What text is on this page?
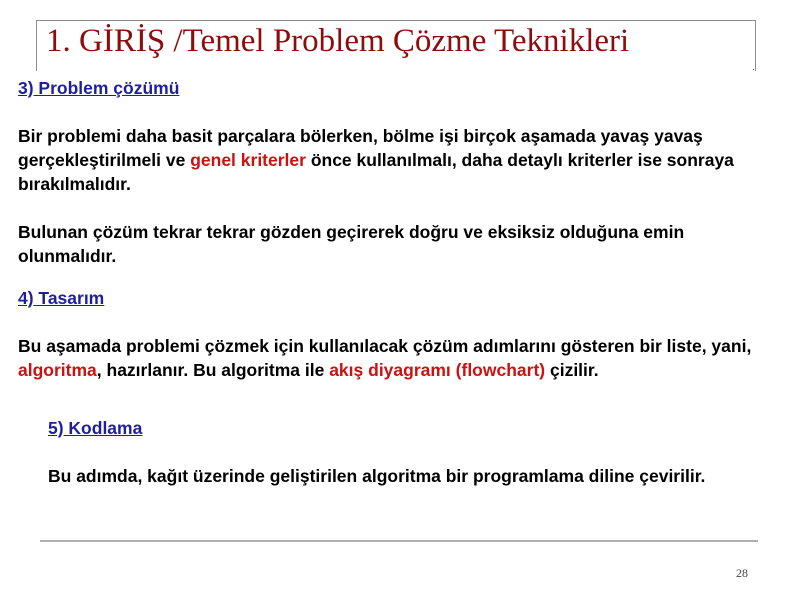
1. GİRİŞ /Temel Problem Çözme Teknikleri
.
3) Problem çözümü

Bir problemi daha basit parçalara bölerken, bölme işi birçok aşamada yavaş yavaş gerçekleştirilmeli ve genel kriterler önce kullanılmalı, daha detaylı kriterler ise sonraya bırakılmalıdır.

Bulunan çözüm tekrar tekrar gözden geçirerek doğru ve eksiksiz olduğuna emin olunmalıdır.

4) Tasarım

Bu aşamada problemi çözmek için kullanılacak çözüm adımlarını gösteren bir liste, yani, algoritma, hazırlanır. Bu algoritma ile akış diyagramı (flowchart) çizilir.

5) Kodlama

Bu adımda, kağıt üzerinde geliştirilen algoritma bir programlama diline çevirilir.

28
